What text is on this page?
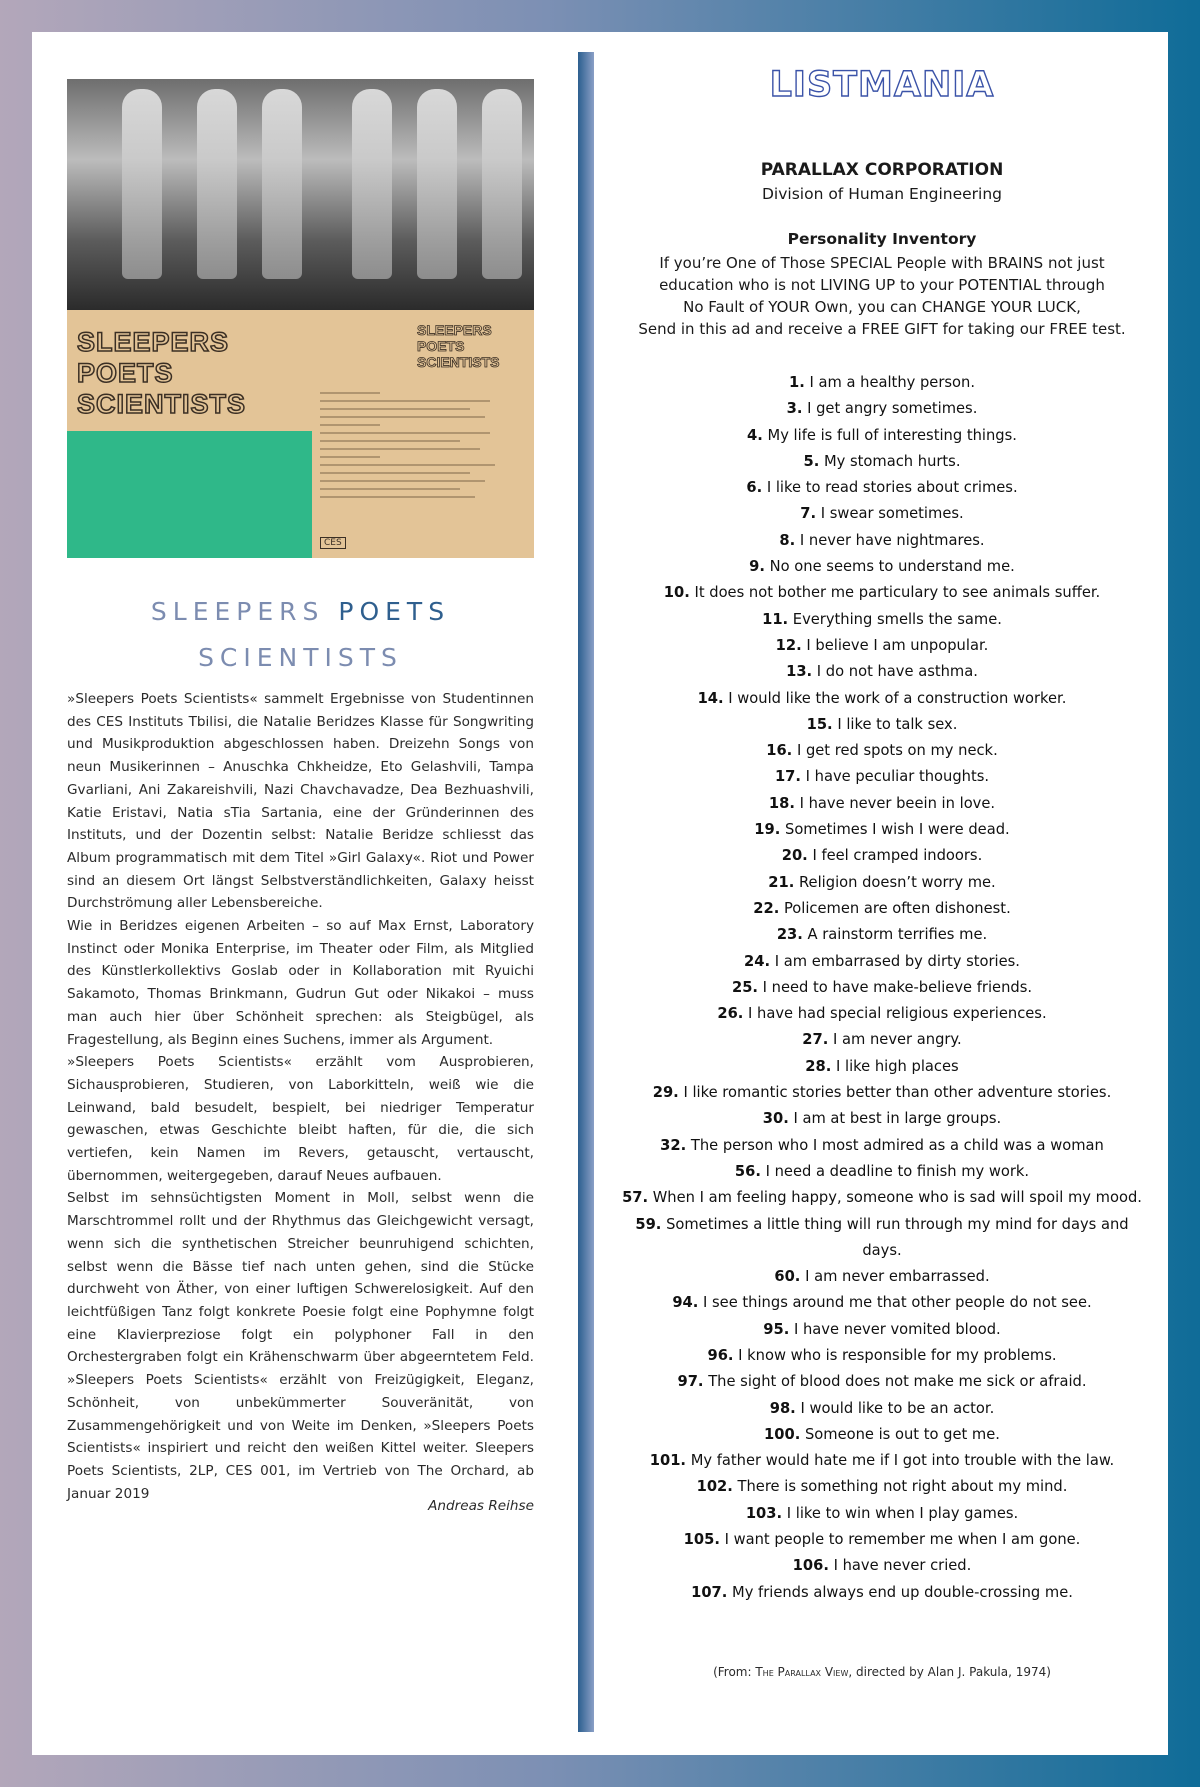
SLEEPERS
POETS
SCIENTISTS
SLEEPERS
POETS
SCIENTISTS
CES
SLEEPERS POETS
SCIENTISTS

»Sleepers Poets Scientists« sammelt Ergebnisse von Studentinnen des CES Instituts Tbilisi, die Natalie Beridzes Klasse für Songwriting und Musikproduktion abgeschlossen haben. Dreizehn Songs von neun Musikerinnen – Anuschka Chkheidze, Eto Gelashvili, Tampa Gvarliani, Ani Zakareishvili, Nazi Chavchavadze, Dea Bezhuashvili, Katie Eristavi, Natia sTia Sartania, eine der Gründerinnen des Instituts, und der Dozentin selbst: Natalie Beridze schliesst das Album programmatisch mit dem Titel »Girl Galaxy«. Riot und Power sind an diesem Ort längst Selbstverständlichkeiten, Galaxy heisst Durchströmung aller Lebensbereiche.

Wie in Beridzes eigenen Arbeiten – so auf Max Ernst, Laboratory Instinct oder Monika Enterprise, im Theater oder Film, als Mitglied des Künstlerkollektivs Goslab oder in Kollaboration mit Ryuichi Sakamoto, Thomas Brinkmann, Gudrun Gut oder Nikakoi – muss man auch hier über Schönheit sprechen: als Steigbügel, als Fragestellung, als Beginn eines Suchens, immer als Argument.

»Sleepers Poets Scientists« erzählt vom Ausprobieren, Sichausprobieren, Studieren, von Laborkitteln, weiß wie die Leinwand, bald besudelt, bespielt, bei niedriger Temperatur gewaschen, etwas Geschichte bleibt haften, für die, die sich vertiefen, kein Namen im Revers, getauscht, vertauscht, übernommen, weitergegeben, darauf Neues aufbauen.

Selbst im sehnsüchtigsten Moment in Moll, selbst wenn die Marschtrommel rollt und der Rhythmus das Gleichgewicht versagt, wenn sich die synthetischen Streicher beunruhigend schichten, selbst wenn die Bässe tief nach unten gehen, sind die Stücke durchweht von Äther, von einer luftigen Schwerelosigkeit. Auf den leichtfüßigen Tanz folgt konkrete Poesie folgt eine Pophymne folgt eine Klavierpreziose folgt ein polyphoner Fall in den Orchestergraben folgt ein Krähenschwarm über abgeerntetem Feld. »Sleepers Poets Scientists« erzählt von Freizügigkeit, Eleganz, Schönheit, von unbekümmerter Souveränität, von Zusammengehörigkeit und von Weite im Denken, »Sleepers Poets Scientists« inspiriert und reicht den weißen Kittel weiter. Sleepers Poets Scientists, 2LP, CES 001, im Vertrieb von The Orchard, ab Januar 2019

Andreas Reihse
LISTMANIA
PARALLAX CORPORATION
Division of Human Engineering
Personality Inventory
If you’re One of Those SPECIAL People with BRAINS not just
education who is not LIVING UP to your POTENTIAL through
No Fault of YOUR Own, you can CHANGE YOUR LUCK,
Send in this ad and receive a FREE GIFT for taking our FREE test.
1. I am a healthy person.
3. I get angry sometimes.
4. My life is full of interesting things.
5. My stomach hurts.
6. I like to read stories about crimes.
7. I swear sometimes.
8. I never have nightmares.
9. No one seems to understand me.
10. It does not bother me particulary to see animals suffer.
11. Everything smells the same.
12. I believe I am unpopular.
13. I do not have asthma.
14. I would like the work of a construction worker.
15. I like to talk sex.
16. I get red spots on my neck.
17. I have peculiar thoughts.
18. I have never beein in love.
19. Sometimes I wish I were dead.
20. I feel cramped indoors.
21. Religion doesn’t worry me.
22. Policemen are often dishonest.
23. A rainstorm terrifies me.
24. I am embarrased by dirty stories.
25. I need to have make-believe friends.
26. I have had special religious experiences.
27. I am never angry.
28. I like high places
29. I like romantic stories better than other adventure stories.
30. I am at best in large groups.
32. The person who I most admired as a child was a woman
56. I need a deadline to finish my work.
57. When I am feeling happy, someone who is sad will spoil my mood.
59. Sometimes a little thing will run through my mind for days and days.
60. I am never embarrassed.
94. I see things around me that other people do not see.
95. I have never vomited blood.
96. I know who is responsible for my problems.
97. The sight of blood does not make me sick or afraid.
98. I would like to be an actor.
100. Someone is out to get me.
101. My father would hate me if I got into trouble with the law.
102. There is something not right about my mind.
103. I like to win when I play games.
105. I want people to remember me when I am gone.
106. I have never cried.
107. My friends always end up double-crossing me.
(From: The Parallax View, directed by Alan J. Pakula, 1974)
